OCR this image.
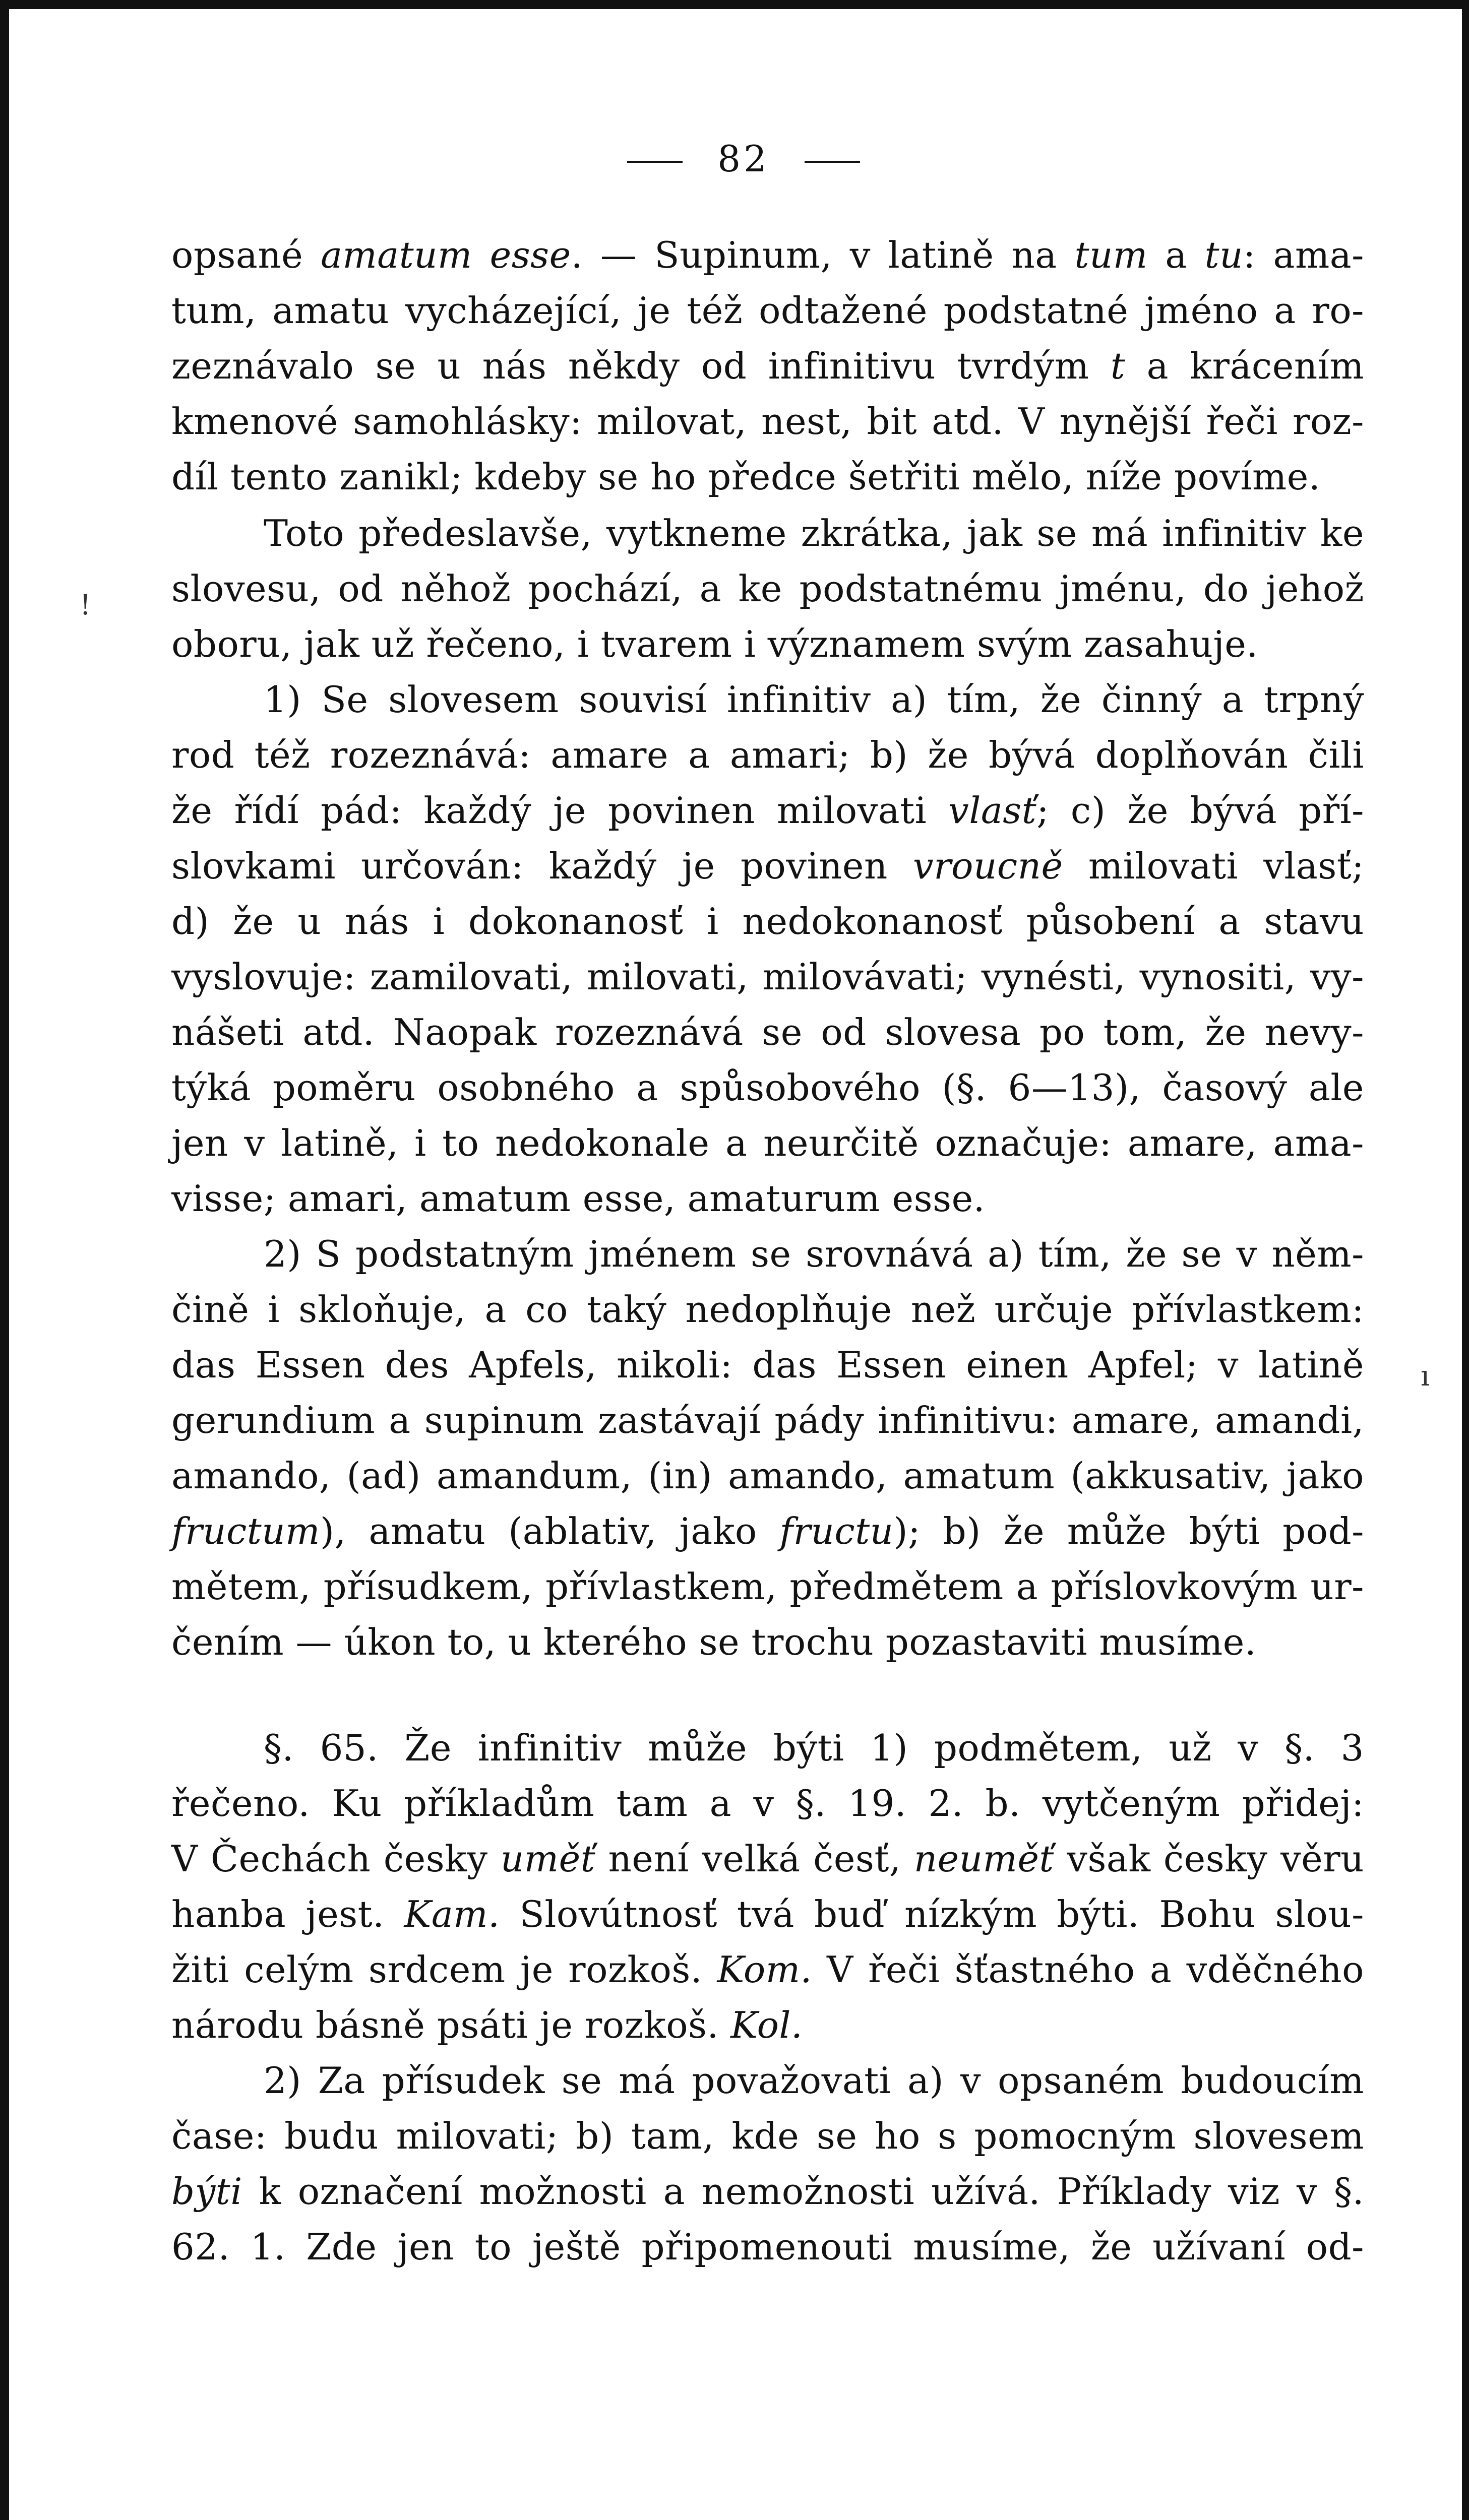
82
opsané amatum esse. — Supinum, v latině na tum a tu: ama-
tum, amatu vycházející, je též odtažené podstatné jméno a ro-
zeznávalo se u nás někdy od infinitivu tvrdým t a krácením
kmenové samohlásky: milovat, nest, bit atd. V nynější řeči roz-
díl tento zanikl; kdeby se ho předce šetřiti mělo, níže povíme.
Toto předeslavše, vytkneme zkrátka, jak se má infinitiv ke
slovesu, od něhož pochází, a ke podstatnému jménu, do jehož
oboru, jak už řečeno, i tvarem i významem svým zasahuje.
1) Se slovesem souvisí infinitiv a) tím, že činný a trpný
rod též rozeznává: amare a amari; b) že bývá doplňován čili
že řídí pád: každý je povinen milovati vlasť; c) že bývá pří-
slovkami určován: každý je povinen vroucně milovati vlasť;
d) že u nás i dokonanosť i nedokonanosť působení a stavu
vyslovuje: zamilovati, milovati, milovávati; vynésti, vynositi, vy-
nášeti atd. Naopak rozeznává se od slovesa po tom, že nevy-
týká poměru osobného a spůsobového (§. 6—13), časový ale
jen v latině, i to nedokonale a neurčitě označuje: amare, ama-
visse; amari, amatum esse, amaturum esse.
2) S podstatným jménem se srovnává a) tím, že se v něm-
čině i skloňuje, a co taký nedoplňuje než určuje přívlastkem:
das Essen des Apfels, nikoli: das Essen einen Apfel; v latině
gerundium a supinum zastávají pády infinitivu: amare, amandi,
amando, (ad) amandum, (in) amando, amatum (akkusativ, jako
fructum), amatu (ablativ, jako fructu); b) že může býti pod-
mětem, přísudkem, přívlastkem, předmětem a příslovkovým ur-
čením — úkon to, u kterého se trochu pozastaviti musíme.
§. 65. Že infinitiv může býti 1) podmětem, už v §. 3
řečeno. Ku příkladům tam a v §. 19. 2. b. vytčeným přidej:
V Čechách česky uměť není velká česť, neuměť však česky věru
hanba jest. Kam. Slovútnosť tvá buď nízkým býti. Bohu slou-
žiti celým srdcem je rozkoš. Kom. V řeči šťastného a vděčného
národu básně psáti je rozkoš. Kol.
2) Za přísudek se má považovati a) v opsaném budoucím
čase: budu milovati; b) tam, kde se ho s pomocným slovesem
býti k označení možnosti a nemožnosti užívá. Příklady viz v §.
62. 1. Zde jen to ještě připomenouti musíme, že užívaní od-
!
ı
